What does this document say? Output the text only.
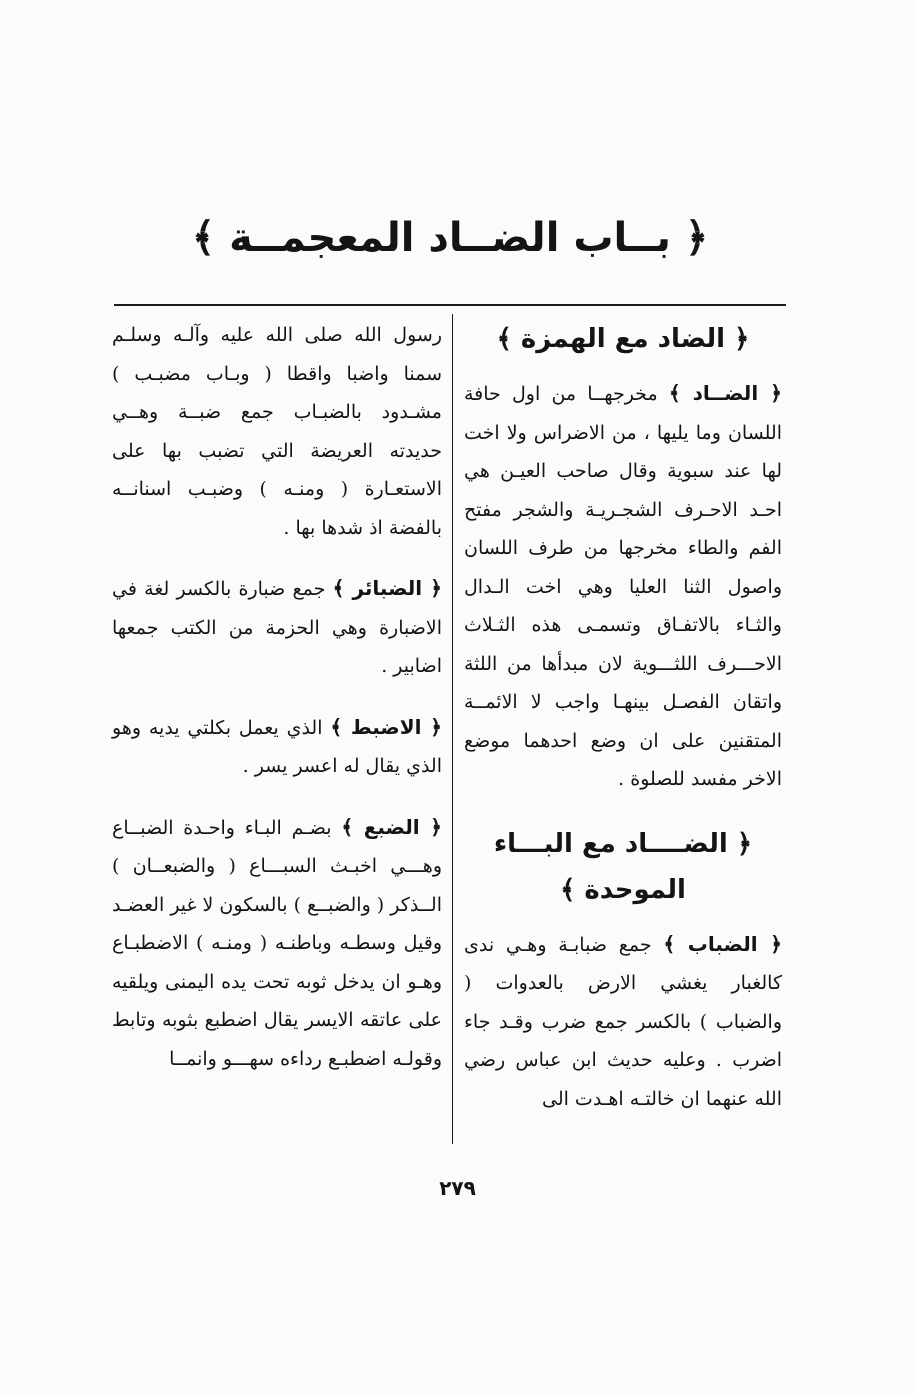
﴿ بــاب الضــاد المعجمــة ﴾
﴿ الضاد مع الهمزة ﴾

﴿ الضــاد ﴾ مخرجهــا من اول حافة اللسان وما يليها ، من الاضراس ولا اخت لها عند سبوية وقال صاحب العيـن هي احـد الاحـرف الشجـريـة والشجر مفتح الفم والطاء مخرجها من طرف اللسان واصول الثنا العليا وهي اخت الـدال والثـاء بالاتفـاق وتسمـى هذه الثـلاث الاحـــرف اللثـــوية لان مبدأها من اللثة واتقان الفصـل بينهـا واجب لا الائمــة المتقنين على ان وضع احدهما موضع الاخر مفسد للصلوة .

﴿ الضــــاد مع البـــاء الموحدة ﴾

﴿ الضباب ﴾ جمع ضبابـة وهـي ندى كالغبار يغشي الارض بالعدوات ( والضباب ) بالكسر جمع ضرب وقـد جاء اضرب . وعليه حديث ابن عباس رضي الله عنهما ان خالتـه اهـدت الى

رسول الله صلى الله عليه وآلـه وسلـم سمنا واضبا واقطا ( وبـاب مضبـب ) مشـدود بالضبـاب جمع ضبــة وهــي حديدته العريضة التي تضبب بها على الاستعـارة ( ومنـه ) وضبـب اسنانــه بالفضة اذ شدها بها .

﴿ الضبائر ﴾ جمع ضبارة بالكسر لغة في الاضبارة وهي الحزمة من الكتب جمعها اضابير .

﴿ الاضبط ﴾ الذي يعمل بكلتي يديه وهو الذي يقال له اعسر يسر .

﴿ الضبع ﴾ بضـم البـاء واحـدة الضبــاع وهـــي اخبـث السبـــاع ( والضبعــان ) الــذكر ( والضبــع ) بالسكون لا غير العضـد وقيل وسطـه وباطنـه ( ومنـه ) الاضطبـاع وهـو ان يدخل ثوبه تحت يده اليمنى ويلقيه على عاتقه الايسر يقال اضطبع بثوبه وتابط وقولـه اضطبـع رداءه سهـــو وانمــا

٢٧٩
